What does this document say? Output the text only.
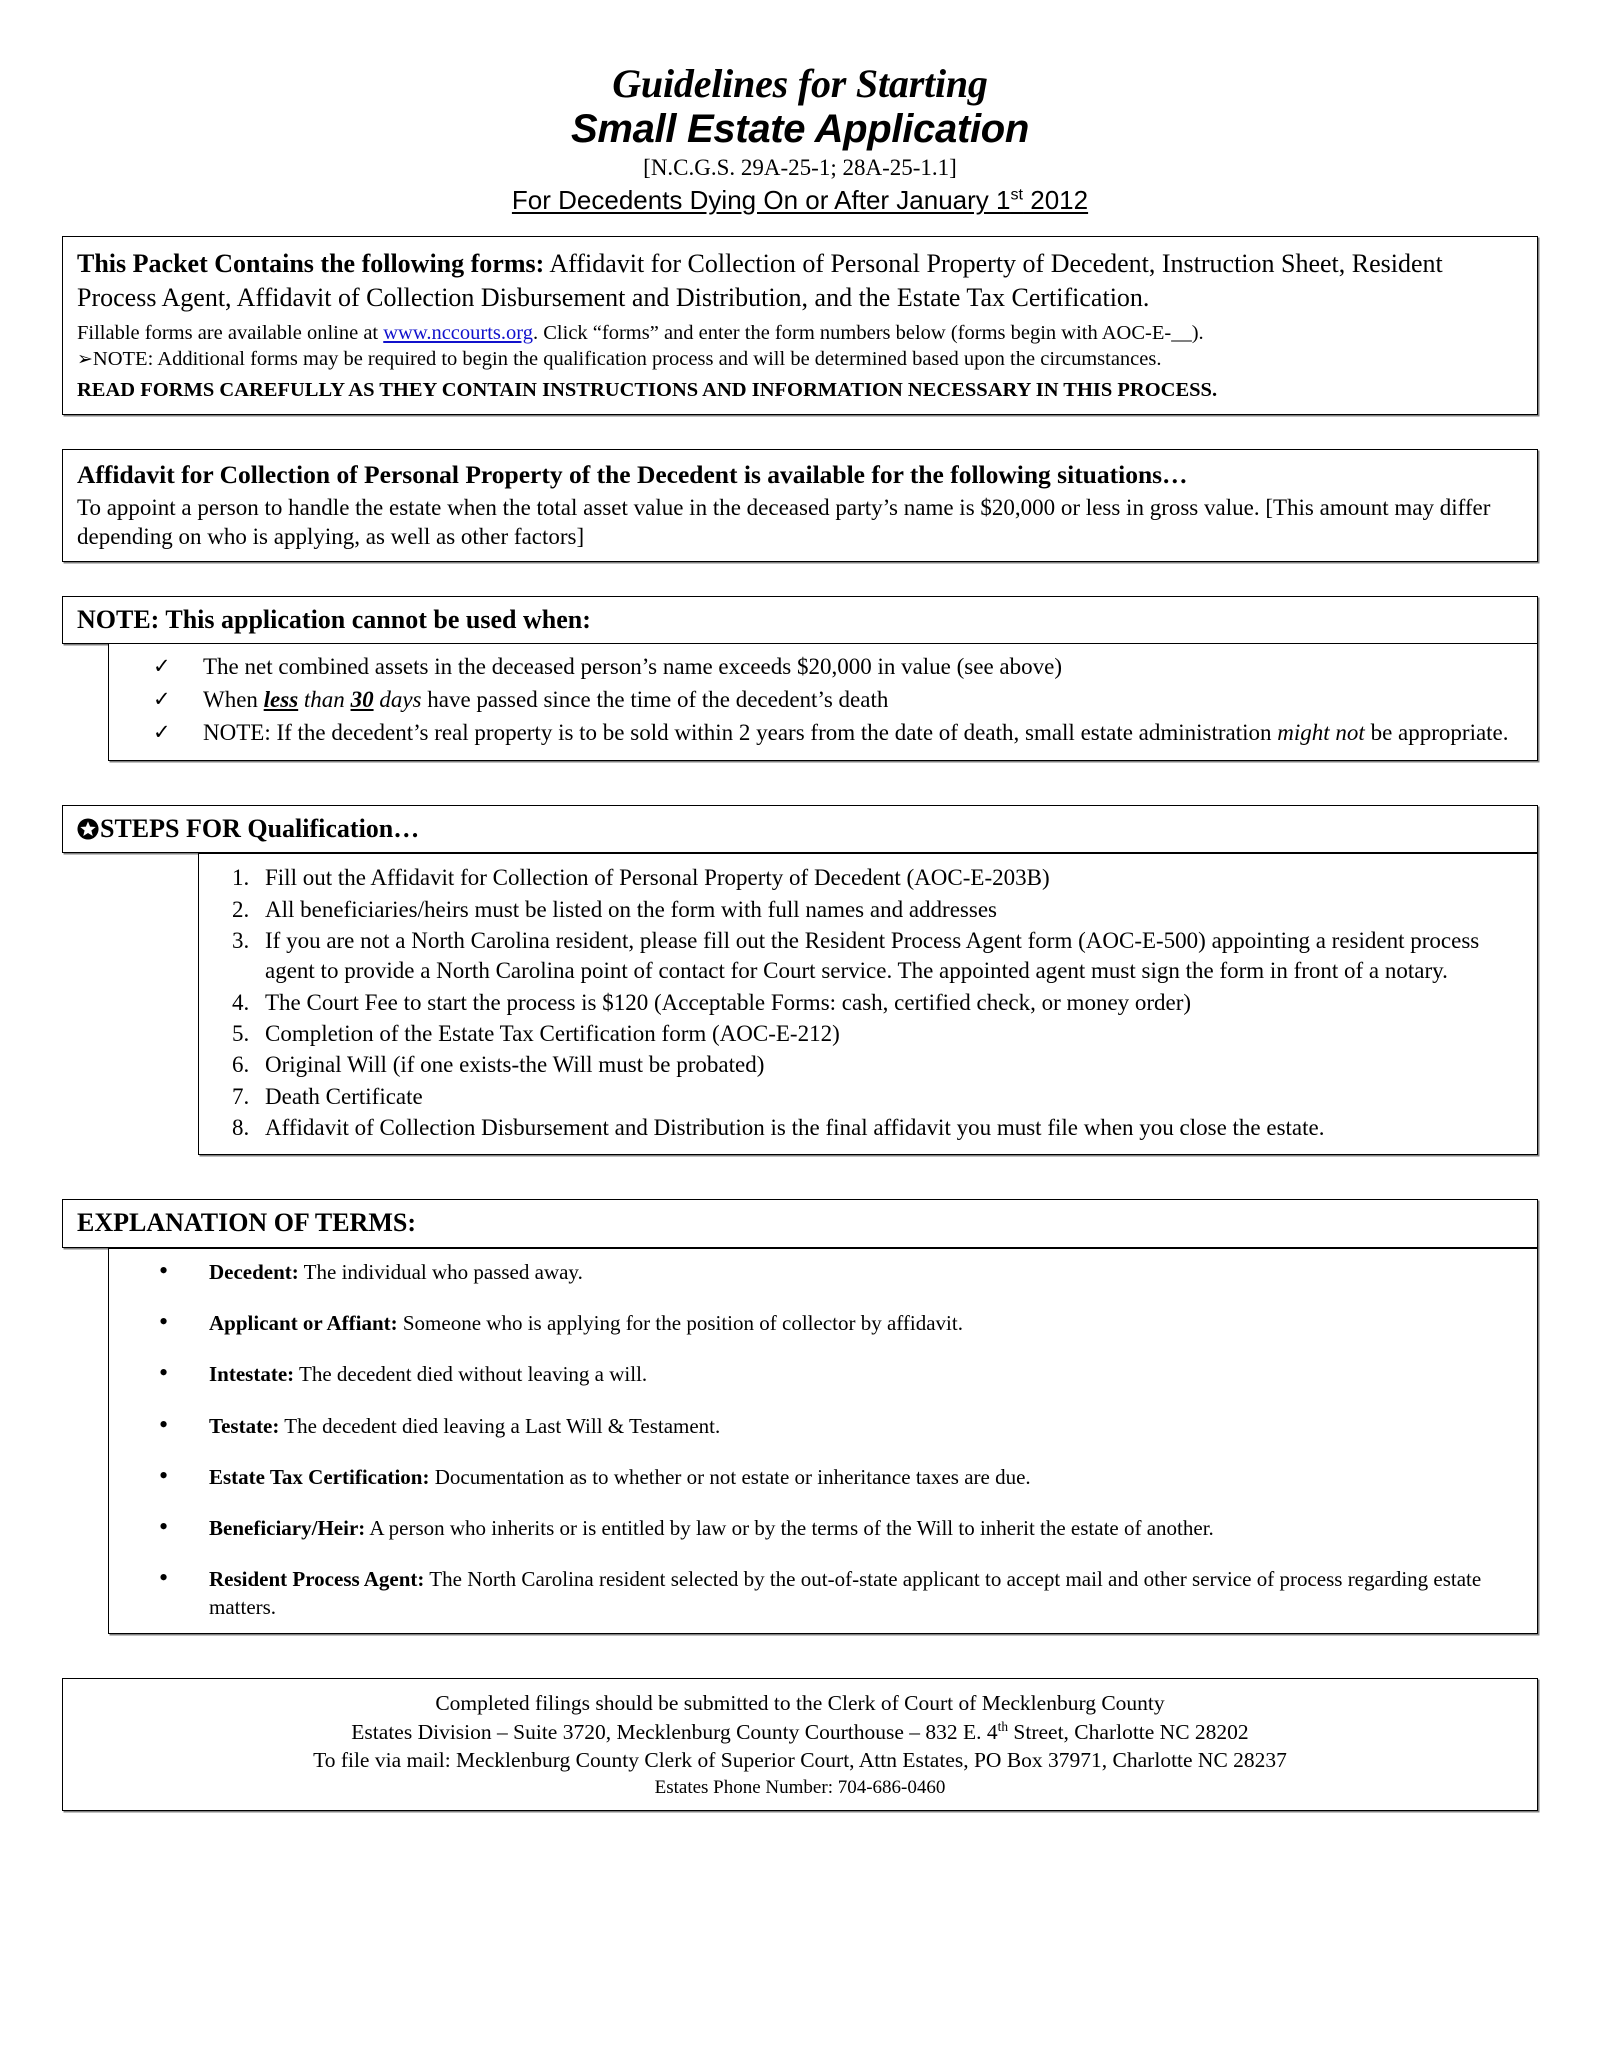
Guidelines for Starting
Small Estate Application
[N.C.G.S. 29A-25-1; 28A-25-1.1]
For Decedents Dying On or After January 1st 2012

This Packet Contains the following forms: Affidavit for Collection of Personal Property of Decedent, Instruction Sheet, Resident Process Agent, Affidavit of Collection Disbursement and Distribution, and the Estate Tax Certification.

Fillable forms are available online at www.nccourts.org. Click “forms” and enter the form numbers below (forms begin with AOC-E-__).

➢NOTE: Additional forms may be required to begin the qualification process and will be determined based upon the circumstances.

READ FORMS CAREFULLY AS THEY CONTAIN INSTRUCTIONS AND INFORMATION NECESSARY IN THIS PROCESS.

Affidavit for Collection of Personal Property of the Decedent is available for the following situations…

To appoint a person to handle the estate when the total asset value in the deceased party’s name is $20,000 or less in gross value. [This amount may differ depending on who is applying, as well as other factors]

NOTE: This application cannot be used when:
✓ The net combined assets in the deceased person’s name exceeds $20,000 in value (see above)
✓ When less than 30 days have passed since the time of the decedent’s death
✓ NOTE: If the decedent’s real property is to be sold within 2 years from the date of death, small estate administration might not be appropriate.
STEPS FOR Qualification…
1. Fill out the Affidavit for Collection of Personal Property of Decedent (AOC-E-203B)
2. All beneficiaries/heirs must be listed on the form with full names and addresses
3. If you are not a North Carolina resident, please fill out the Resident Process Agent form (AOC-E-500) appointing a resident process agent to provide a North Carolina point of contact for Court service. The appointed agent must sign the form in front of a notary.
4. The Court Fee to start the process is $120 (Acceptable Forms: cash, certified check, or money order)
5. Completion of the Estate Tax Certification form (AOC-E-212)
6. Original Will (if one exists-the Will must be probated)
7. Death Certificate
8. Affidavit of Collection Disbursement and Distribution is the final affidavit you must file when you close the estate.
EXPLANATION OF TERMS:
• Decedent: The individual who passed away.
• Applicant or Affiant: Someone who is applying for the position of collector by affidavit.
• Intestate: The decedent died without leaving a will.
• Testate: The decedent died leaving a Last Will & Testament.
• Estate Tax Certification: Documentation as to whether or not estate or inheritance taxes are due.
• Beneficiary/Heir: A person who inherits or is entitled by law or by the terms of the Will to inherit the estate of another.
• Resident Process Agent: The North Carolina resident selected by the out-of-state applicant to accept mail and other service of process regarding estate matters.
Completed filings should be submitted to the Clerk of Court of Mecklenburg County
Estates Division – Suite 3720, Mecklenburg County Courthouse – 832 E. 4th Street, Charlotte NC 28202
To file via mail: Mecklenburg County Clerk of Superior Court, Attn Estates, PO Box 37971, Charlotte NC 28237
Estates Phone Number: 704-686-0460
